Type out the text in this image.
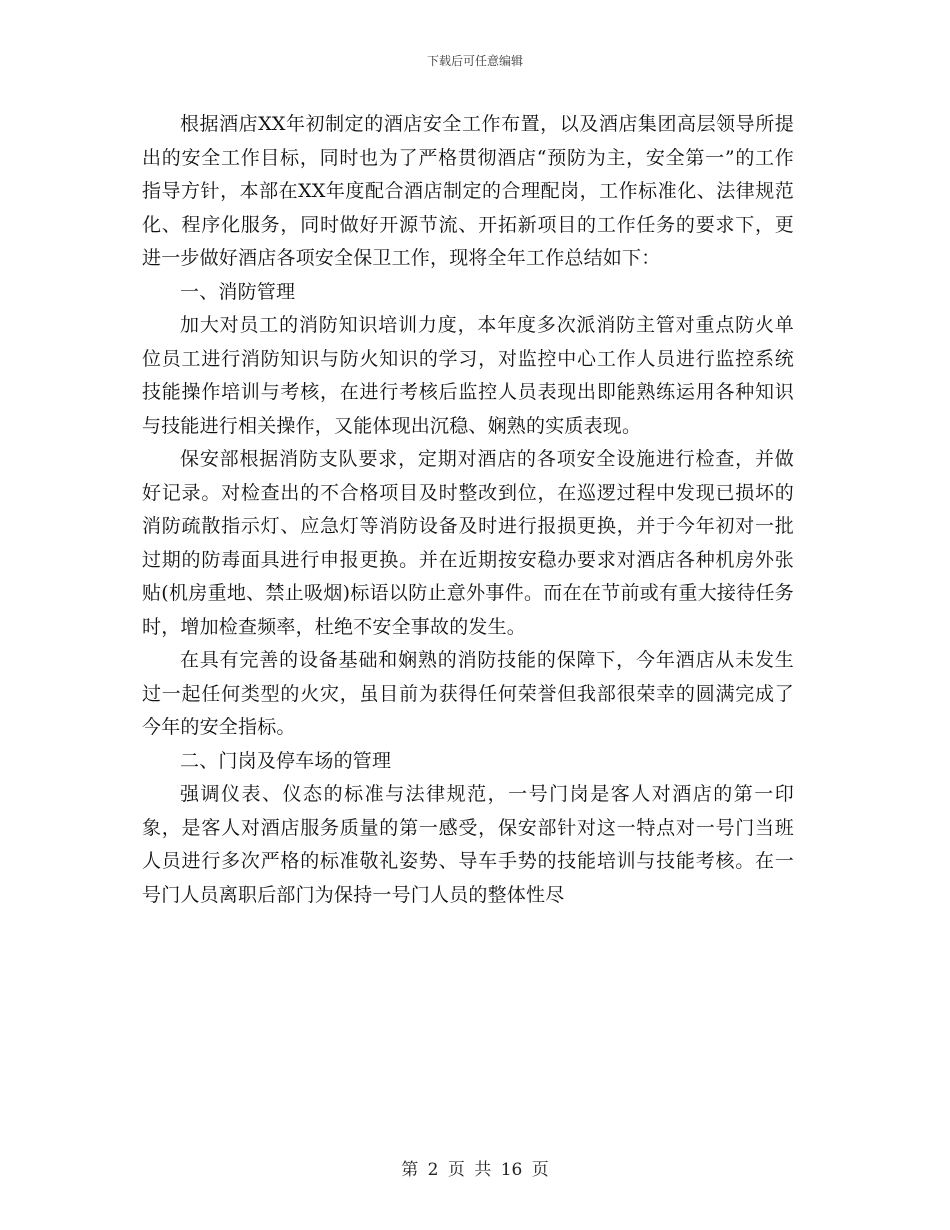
下载后可任意编辑

根据酒店XX年初制定的酒店安全工作布置，以及酒店集团高层领导所提出的安全工作目标，同时也为了严格贯彻酒店“预防为主，安全第一”的工作指导方针，本部在XX年度配合酒店制定的合理配岗，工作标准化、法律规范化、程序化服务，同时做好开源节流、开拓新项目的工作任务的要求下，更进一步做好酒店各项安全保卫工作，现将全年工作总结如下：

一、消防管理

加大对员工的消防知识培训力度，本年度多次派消防主管对重点防火单位员工进行消防知识与防火知识的学习，对监控中心工作人员进行监控系统技能操作培训与考核，在进行考核后监控人员表现出即能熟练运用各种知识与技能进行相关操作，又能体现出沉稳、娴熟的实质表现。

保安部根据消防支队要求，定期对酒店的各项安全设施进行检查，并做好记录。对检查出的不合格项目及时整改到位，在巡逻过程中发现已损坏的消防疏散指示灯、应急灯等消防设备及时进行报损更换，并于今年初对一批过期的防毒面具进行申报更换。并在近期按安稳办要求对酒店各种机房外张贴(机房重地、禁止吸烟)标语以防止意外事件。而在在节前或有重大接待任务时，增加检查频率，杜绝不安全事故的发生。

在具有完善的设备基础和娴熟的消防技能的保障下，今年酒店从未发生过一起任何类型的火灾，虽目前为获得任何荣誉但我部很荣幸的圆满完成了今年的安全指标。

二、门岗及停车场的管理

强调仪表、仪态的标准与法律规范，一号门岗是客人对酒店的第一印象，是客人对酒店服务质量的第一感受，保安部针对这一特点对一号门当班人员进行多次严格的标准敬礼姿势、导车手势的技能培训与技能考核。在一号门人员离职后部门为保持一号门人员的整体性尽

第 2 页 共 16 页
